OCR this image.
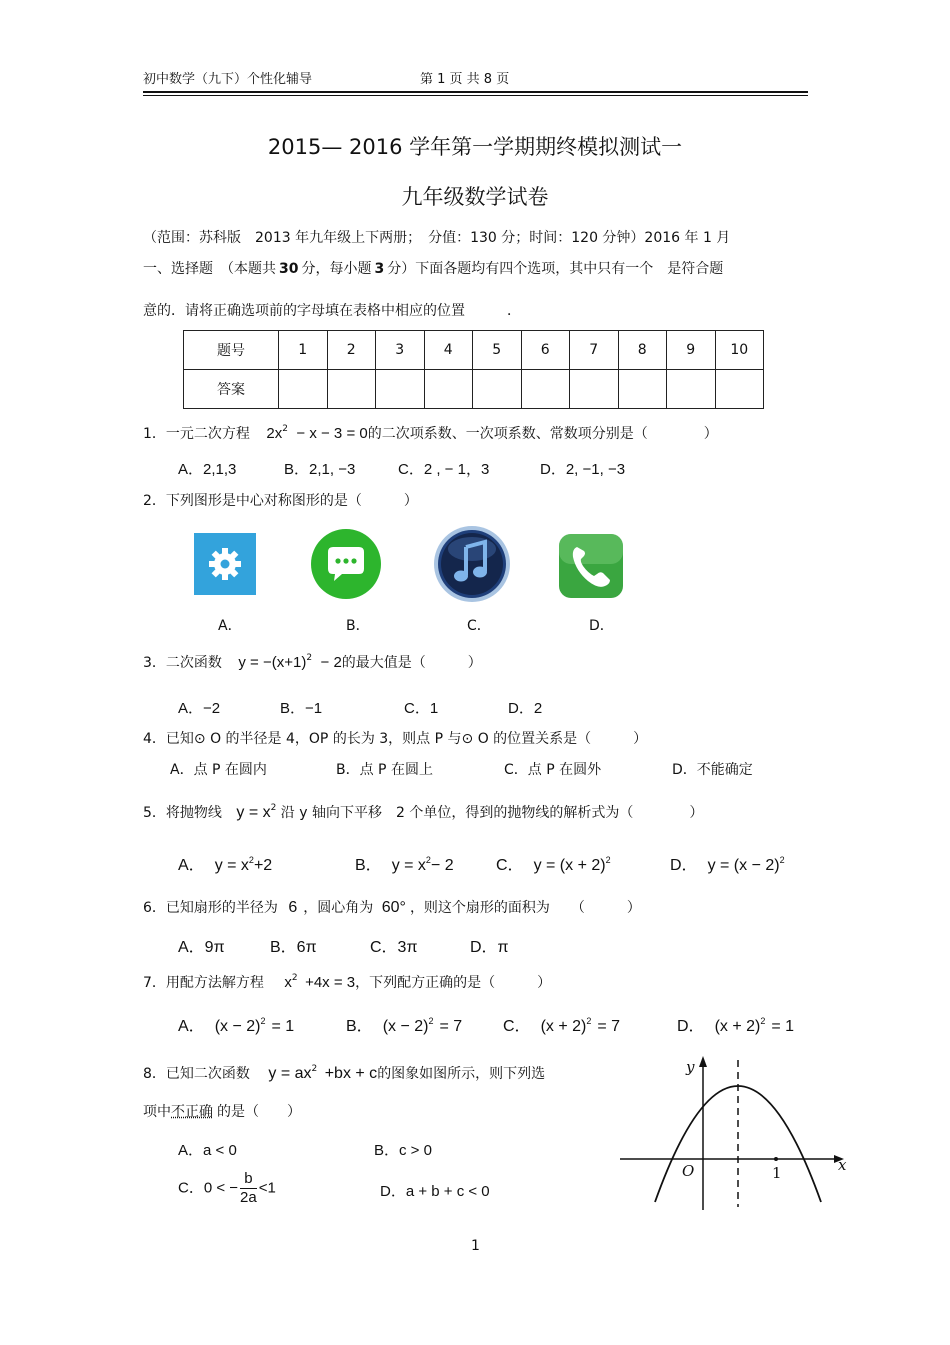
初中数学（九下）个性化辅导	第 1 页 共 8 页
2015— 2016 学年第一学期期终模拟测试一
九年级数学试卷
（范围：苏科版　2013 年九年级上下两册；　分值：130 分；时间：120 分钟）2016 年 1 月
一、选择题　（本题共 30 分，每小题 3 分）下面各题均有四个选项，其中只有一个一是符合题
意的．请将正确选项前的字母填在表格中相应的位置　　　．
题号	1	2	3	4	5	6	7	8	9	10
答案										
1．一元二次方程 $2x^2 - x - 3 = 0$的二次项系数、一次项系数、常数项分别是（　　　　）
A．2,1,3	B．2,1, −3	C．2 , − 1，3	D．2, −1, −3
2．下列图形是中心对称图形的是（　　　）
A．	B．	C．	D．
3．二次函数 $y = -(x+1)^2 - 2$的最大值是（　　　）
A．−2	B．−1	C．1	D．2
4．已知⊙ O 的半径是 4，OP 的长为 3，则点 P 与⊙ O 的位置关系是（　　　）
A．点 P 在圆内	B．点 P 在圆上	C．点 P 在圆外	D．不能确定
5．将抛物线 $y = x^2$ 沿 y 轴向下平移　2 个单位，得到的抛物线的解析式为（　　　　）
A． $y = x^2+2$	B． $y = x^2- 2$	C． $y = (x + 2)^2$	D． $y = (x - 2)^2$
6．已知扇形的半径为 6 ，圆心角为 60° ，则这个扇形的面积为　　（　　　）
A．9π	B．6π	C．3π	D．π
7．用配方法解方程 $x^2 +4x = 3$，下列配方正确的是（　　　）
A． $(x - 2)^2 = 1$	B． $(x - 2)^2 = 7$	C． $(x + 2)^2 = 7$	D． $(x + 2)^2 = 1$
8．已知二次函数 $y = ax^2 +bx + c$的图象如图所示，则下列选
项中不正确 的是（　　）
A．a < 0	B．c > 0
C．0 < − $\frac{b}{2a} <1$	D．a + b + c < 0
y
x
O	1
1
